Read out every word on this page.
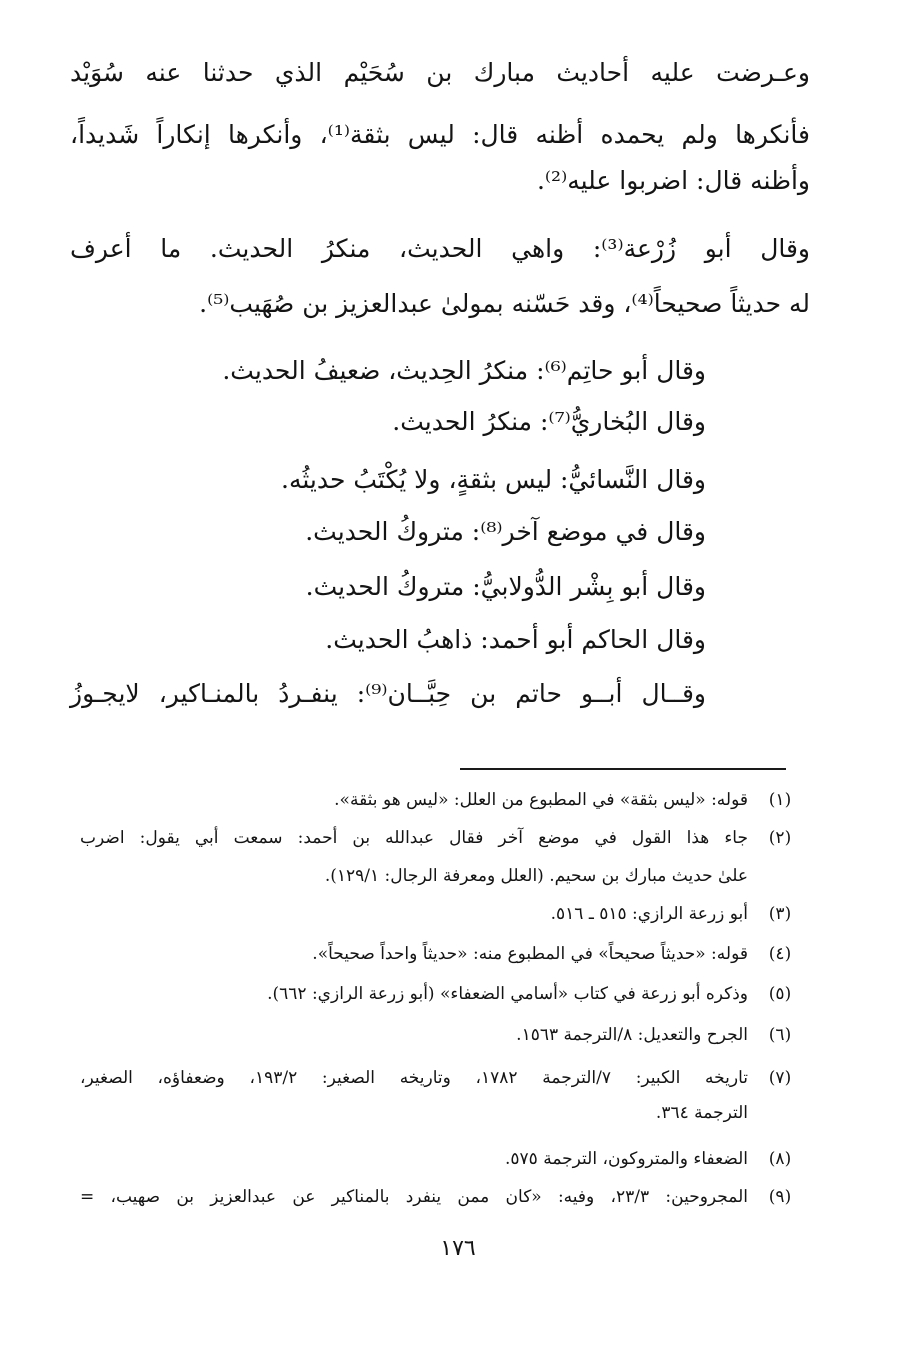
وعـرضت عليه أحاديث مبارك بن سُحَيْم الذي حدثنا عنه سُوَيْد
فأنكرها ولم يحمده أظنه قال: ليس بثقة⁽¹⁾، وأنكرها إنكاراً شَديداً،
وأظنه قال: اضربوا عليه⁽²⁾.
وقال أبو زُرْعة⁽³⁾: واهي الحديث، منكرُ الحديث. ما أعرف
له حديثاً صحيحاً⁽⁴⁾، وقد حَسّنه بمولىٰ عبدالعزيز بن صُهَيب⁽⁵⁾.
وقال أبو حاتِم⁽⁶⁾: منكرُ الحِديث، ضعيفُ الحديث.
وقال البُخاريُّ⁽⁷⁾: منكرُ الحديث.
وقال النَّسائيُّ: ليس بثقةٍ، ولا يُكْتَبُ حديثُه.
وقال في موضع آخر⁽⁸⁾: متروكُ الحديث.
وقال أبو بِشْر الدُّولابيُّ: متروكُ الحديث.
وقال الحاكم أبو أحمد: ذاهبُ الحديث.
وقــال أبــو حاتم بن حِبَّــان⁽⁹⁾: ينفـردُ بالمنـاكير، لايجـوزُ
(١)
قوله: «ليس بثقة» في المطبوع من العلل: «ليس هو بثقة».
(٢)
جاء هذا القول في موضع آخر فقال عبدالله بن أحمد: سمعت أبي يقول: اضرب
علىٰ حديث مبارك بن سحيم. (العلل ومعرفة الرجال: ١٢٩/١).
(٣)
أبو زرعة الرازي: ٥١٥ ـ ٥١٦.
(٤)
قوله: «حديثاً صحيحاً» في المطبوع منه: «حديثاً واحداً صحيحاً».
(٥)
وذكره أبو زرعة في كتاب «أسامي الضعفاء» (أبو زرعة الرازي: ٦٦٢).
(٦)
الجرح والتعديل: ٨/الترجمة ١٥٦٣.
(٧)
تاريخه الكبير: ٧/الترجمة ١٧٨٢، وتاريخه الصغير: ١٩٣/٢، وضعفاؤه، الصغير،
الترجمة ٣٦٤.
(٨)
الضعفاء والمتروكون، الترجمة ٥٧٥.
(٩)
المجروحين: ٢٣/٣، وفيه: «كان ممن ينفرد بالمناكير عن عبدالعزيز بن صهيب، =
١٧٦
